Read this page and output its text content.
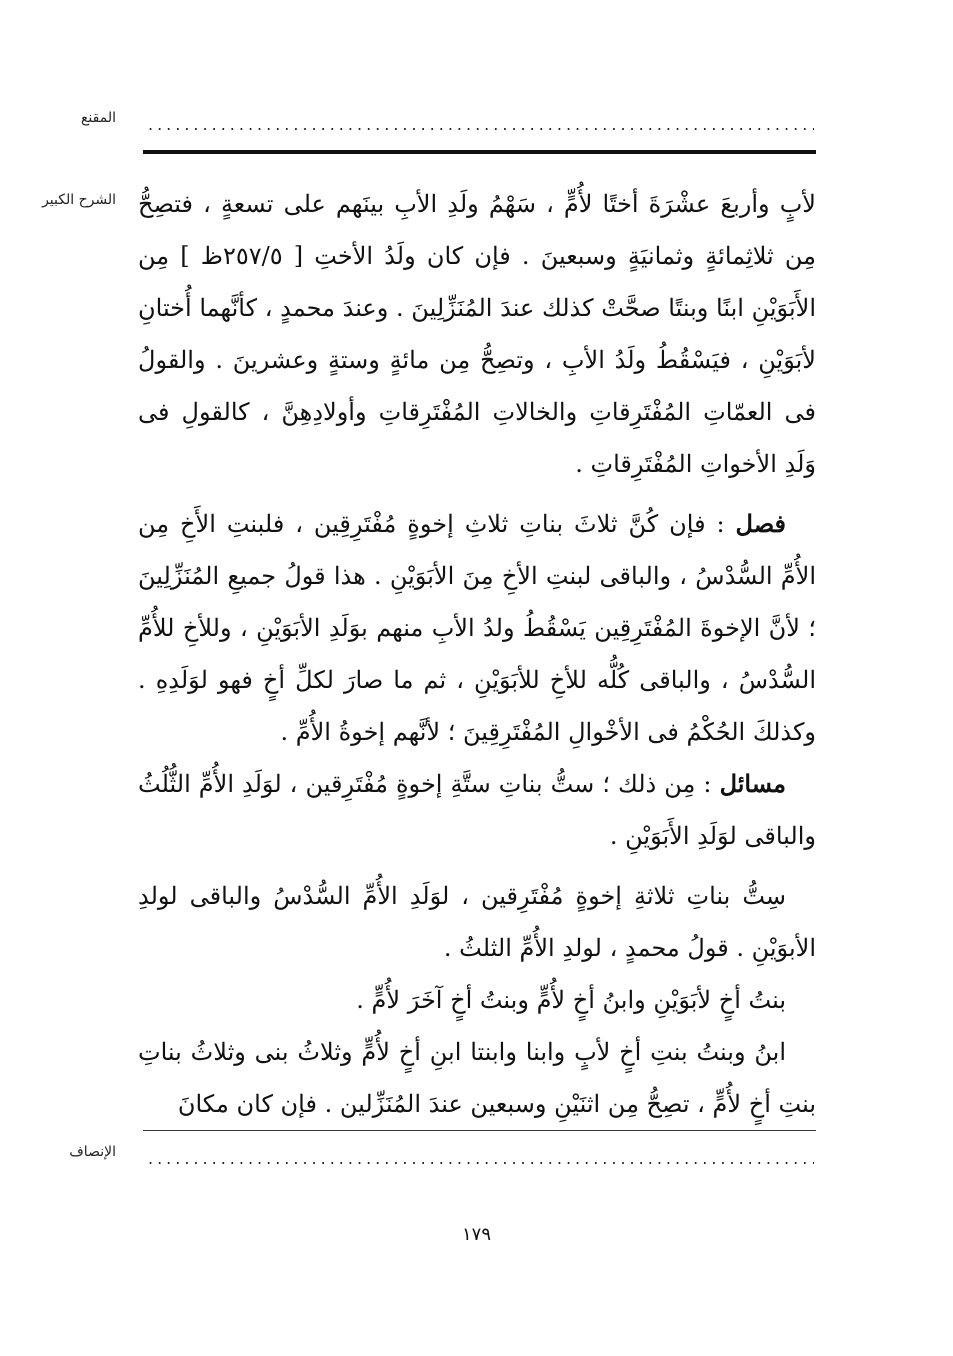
.....
المقنع
الشرح الكبير لأبٍ وأربعَ عشْرَةَ أختًا لأُمٍّ ، سَهْمُ ولَدِ الأبِ بينَهم على تسعةٍ ، فتصِحُّ مِن ثلاثِمائةٍ وثمانيَةٍ وسبعينَ . فإن كان ولَدُ الأختِ [ ٢٥٧/٥ظ ] مِن الأَبَوَيْنِ ابنًا وبنتًا صحَّتْ كذلك عندَ المُنَزِّلِينَ . وعندَ محمدٍ ، كأنَّهما أُختانِ لأبَوَيْنِ ، فيَسْقُطُ ولَدُ الأبِ ، وتصِحُّ مِن مائةٍ وستةٍ وعشرينَ . والقولُ فى العمّاتِ المُفْتَرِقاتِ والخالاتِ المُفْتَرِقاتِ وأولادِهِنَّ ، كالقولِ فى وَلَدِ الأخواتِ المُفْتَرِقاتِ .

فصل : فإن كُنَّ ثلاثَ بناتِ ثلاثِ إخوةٍ مُفْتَرِقِين ، فلبنتِ الأَخِ مِن الأُمِّ السُّدْسُ ، والباقى لبنتِ الأخِ مِنَ الأبَوَيْنِ . هذا قولُ جميعِ المُنَزِّلِينَ ؛ لأنَّ الإخوةَ المُفْتَرِقِين يَسْقُطُ ولدُ الأبِ منهم بوَلَدِ الأبَوَيْنِ ، وللأخِ للأُمِّ السُّدْسُ ، والباقى كُلُّه للأخِ للأبَوَيْنِ ، ثم ما صارَ لكلِّ أخٍ فهو لوَلَدِهِ . وكذلكَ الحُكْمُ فى الأخْوالِ المُفْتَرِقِينَ ؛ لأنَّهم إخوةُ الأُمِّ .

مسائل : مِن ذلك ؛ ستُّ بناتِ ستَّةِ إخوةٍ مُفْتَرِقين ، لوَلَدِ الأُمِّ الثُّلُثُ والباقى لوَلَدِ الأَبَوَيْنِ .

سِتُّ بناتِ ثلاثةِ إخوةٍ مُفْتَرِقين ، لوَلَدِ الأُمِّ السُّدْسُ والباقى لولدِ الأبوَيْنِ . قولُ محمدٍ ، لولدِ الأُمِّ الثلثُ .

بنتُ أخٍ لأبَوَيْنِ وابنُ أخٍ لأُمٍّ وبنتُ أخٍ آخَرَ لأُمٍّ .

ابنُ وبنتُ بنتِ أخٍ لأبٍ وابنا وابنتا ابنِ أخٍ لأُمٍّ وثلاثُ بنى وثلاثُ بناتِ بنتِ أخٍ لأُمٍّ ، تصِحُّ مِن اثنَيْنِ وسبعين عندَ المُنَزِّلين . فإن كان مكانَ

.....
الإنصاف
١٧٩
